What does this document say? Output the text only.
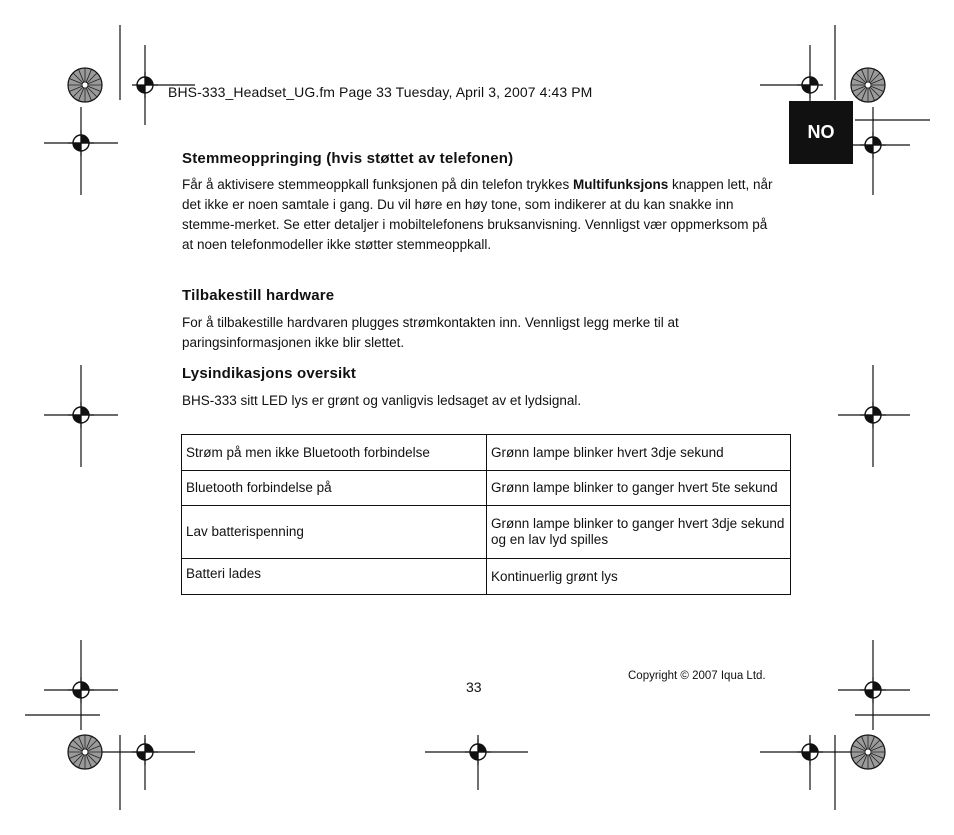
BHS-333_Headset_UG.fm Page 33 Tuesday, April 3, 2007 4:43 PM
NO
Stemmeoppringing (hvis støttet av telefonen)
Får å aktivisere stemmeoppkall funksjonen på din telefon trykkes Multifunksjons knappen lett, når det ikke er noen samtale i gang. Du vil høre en høy tone, som indikerer at du kan snakke inn stemme-merket. Se etter detaljer i mobiltelefonens bruksanvisning. Vennligst vær oppmerksom på at noen telefonmodeller ikke støtter stemmeoppkall.
Tilbakestill hardware
For å tilbakestille hardvaren plugges strømkontakten inn. Vennligst legg merke til at paringsinformasjonen ikke blir slettet.
Lysindikasjons oversikt
BHS-333 sitt LED lys er grønt og vanligvis ledsaget av et lydsignal.
Strøm på men ikke Bluetooth forbindelse	Grønn lampe blinker hvert 3dje sekund
Bluetooth forbindelse på	Grønn lampe blinker to ganger hvert 5te sekund
Lav batterispenning	Grønn lampe blinker to ganger hvert 3dje sekund og en lav lyd spilles
Batteri lades	Kontinuerlig grønt lys
33
Copyright © 2007 Iqua Ltd.
